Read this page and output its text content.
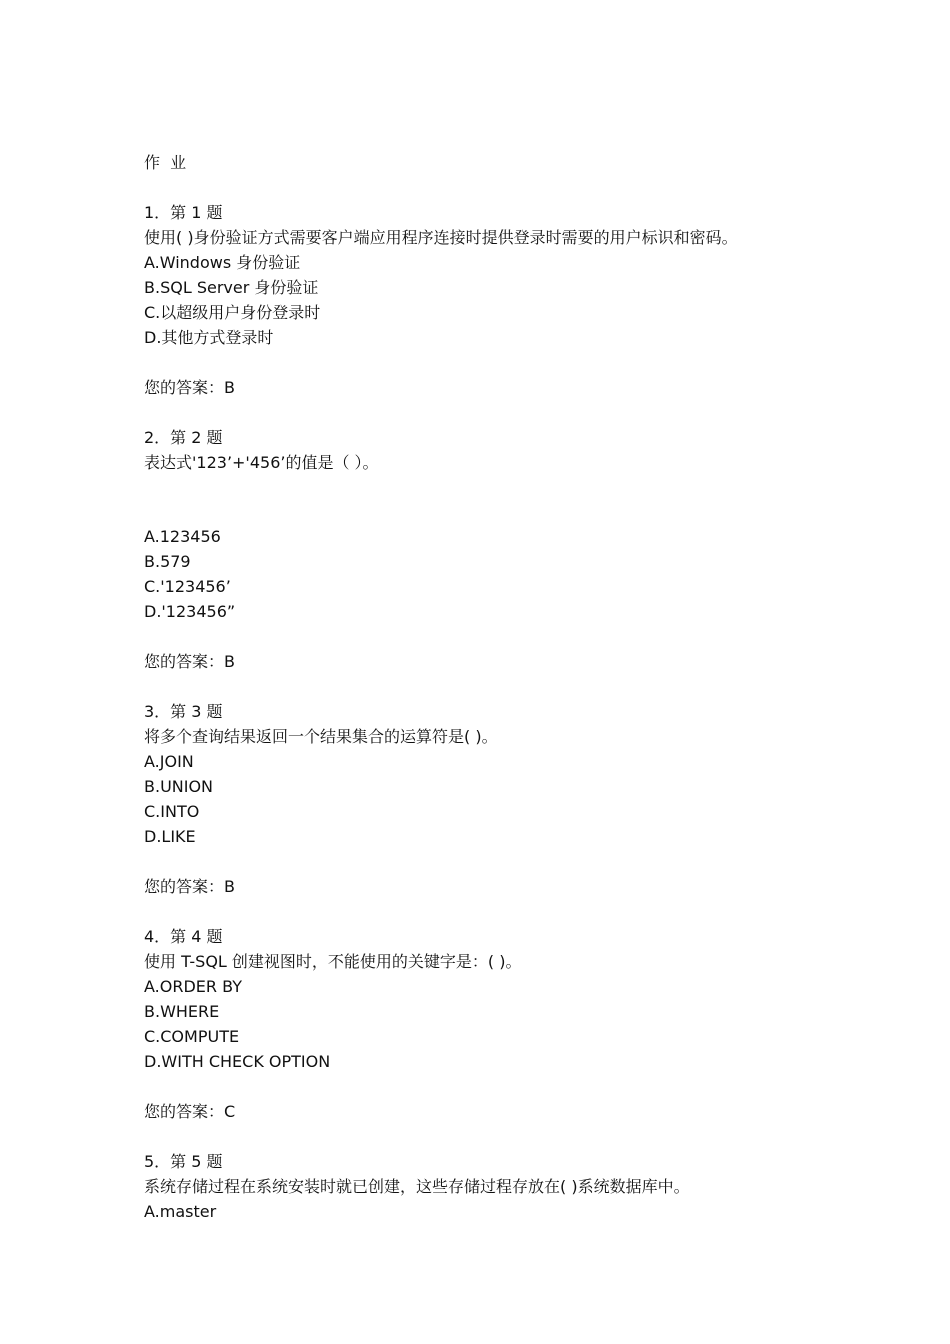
作  业
1．第 1 题
使用( )身份验证方式需要客户端应用程序连接时提供登录时需要的用户标识和密码。
A.Windows 身份验证
B.SQL Server 身份验证
C.以超级用户身份登录时
D.其他方式登录时
您的答案：B
2．第 2 题
表达式'123’+'456’的值是（ ）。
A.123456
B.579
C.'123456’
D.'123456”
您的答案：B
3．第 3 题
将多个查询结果返回一个结果集合的运算符是( )。
A.JOIN
B.UNION
C.INTO
D.LIKE
您的答案：B
4．第 4 题
使用 T-SQL 创建视图时，不能使用的关键字是：( )。
A.ORDER BY
B.WHERE
C.COMPUTE
D.WITH CHECK OPTION
您的答案：C
5．第 5 题
系统存储过程在系统安装时就已创建，这些存储过程存放在( )系统数据库中。
A.master
